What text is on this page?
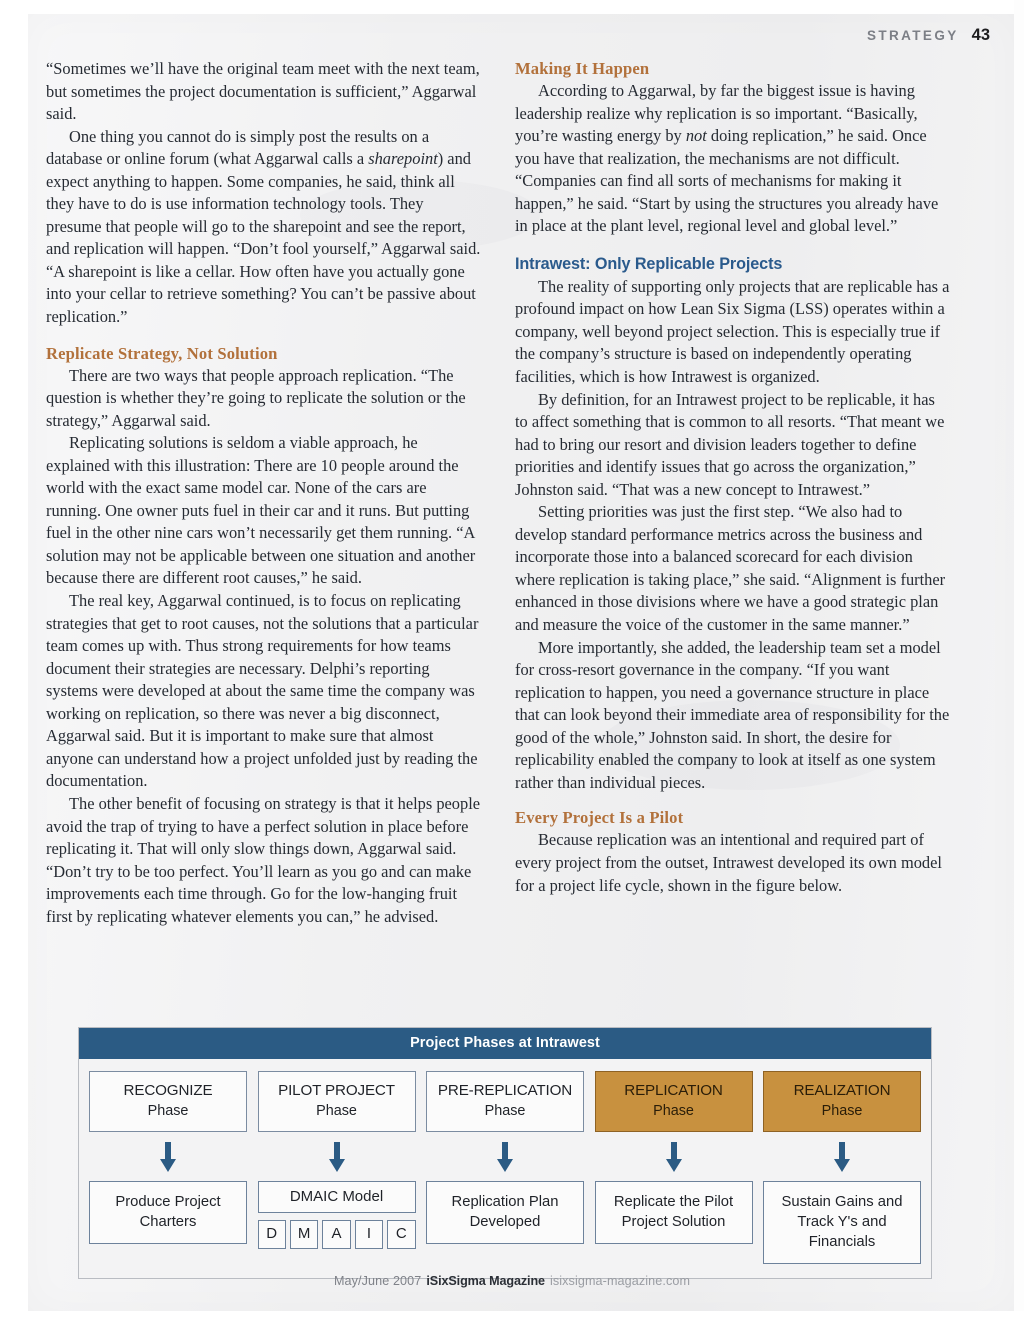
STRATEGY 43

“Sometimes we’ll have the original team meet with the next team, but sometimes the project documentation is sufficient,” Aggarwal said.

One thing you cannot do is simply post the results on a database or online forum (what Aggarwal calls a sharepoint) and expect anything to happen. Some companies, he said, think all they have to do is use information technology tools. They presume that people will go to the sharepoint and see the report, and replication will happen. “Don’t fool yourself,” Aggarwal said. “A sharepoint is like a cellar. How often have you actually gone into your cellar to retrieve something? You can’t be passive about replication.”

Replicate Strategy, Not Solution

There are two ways that people approach replication. “The question is whether they’re going to replicate the solution or the strategy,” Aggarwal said.

Replicating solutions is seldom a viable approach, he explained with this illustration: There are 10 people around the world with the exact same model car. None of the cars are running. One owner puts fuel in their car and it runs. But putting fuel in the other nine cars won’t necessarily get them running. “A solution may not be applicable between one situation and another because there are different root causes,” he said.

The real key, Aggarwal continued, is to focus on replicating strategies that get to root causes, not the solutions that a particular team comes up with. Thus strong requirements for how teams document their strategies are necessary. Delphi’s reporting systems were developed at about the same time the company was working on replication, so there was never a big disconnect, Aggarwal said. But it is important to make sure that almost anyone can understand how a project unfolded just by reading the documentation.

The other benefit of focusing on strategy is that it helps people avoid the trap of trying to have a perfect solution in place before replicating it. That will only slow things down, Aggarwal said. “Don’t try to be too perfect. You’ll learn as you go and can make improvements each time through. Go for the low-hanging fruit first by replicating whatever elements you can,” he advised.

Making It Happen

According to Aggarwal, by far the biggest issue is having leadership realize why replication is so important. “Basically, you’re wasting energy by not doing replication,” he said. Once you have that realization, the mechanisms are not difficult. “Companies can find all sorts of mechanisms for making it happen,” he said. “Start by using the structures you already have in place at the plant level, regional level and global level.”

Intrawest: Only Replicable Projects

The reality of supporting only projects that are replicable has a profound impact on how Lean Six Sigma (LSS) operates within a company, well beyond project selection. This is especially true if the company’s structure is based on independently operating facilities, which is how Intrawest is organized.

By definition, for an Intrawest project to be replicable, it has to affect something that is common to all resorts. “That meant we had to bring our resort and division leaders together to define priorities and identify issues that go across the organization,” Johnston said. “That was a new concept to Intrawest.”

Setting priorities was just the first step. “We also had to develop standard performance metrics across the business and incorporate those into a balanced scorecard for each division where replication is taking place,” she said. “Alignment is further enhanced in those divisions where we have a good strategic plan and measure the voice of the customer in the same manner.”

More importantly, she added, the leadership team set a model for cross-resort governance in the company. “If you want replication to happen, you need a governance structure in place that can look beyond their immediate area of responsibility for the good of the whole,” Johnston said. In short, the desire for replicability enabled the company to look at itself as one system rather than individual pieces.

Every Project Is a Pilot

Because replication was an intentional and required part of every project from the outset, Intrawest developed its own model for a project life cycle, shown in the figure below.

Project Phases at Intrawest
RECOGNIZE
Phase
PILOT PROJECT
Phase
PRE-REPLICATION
Phase
REPLICATION
Phase
REALIZATION
Phase
Produce Project
Charters
DMAIC Model
D	M	A	I	C
Replication Plan
Developed
Replicate the Pilot
Project Solution
Sustain Gains and
Track Y's and Financials
May/June 2007 iSixSigma Magazine isixsigma-magazine.com
